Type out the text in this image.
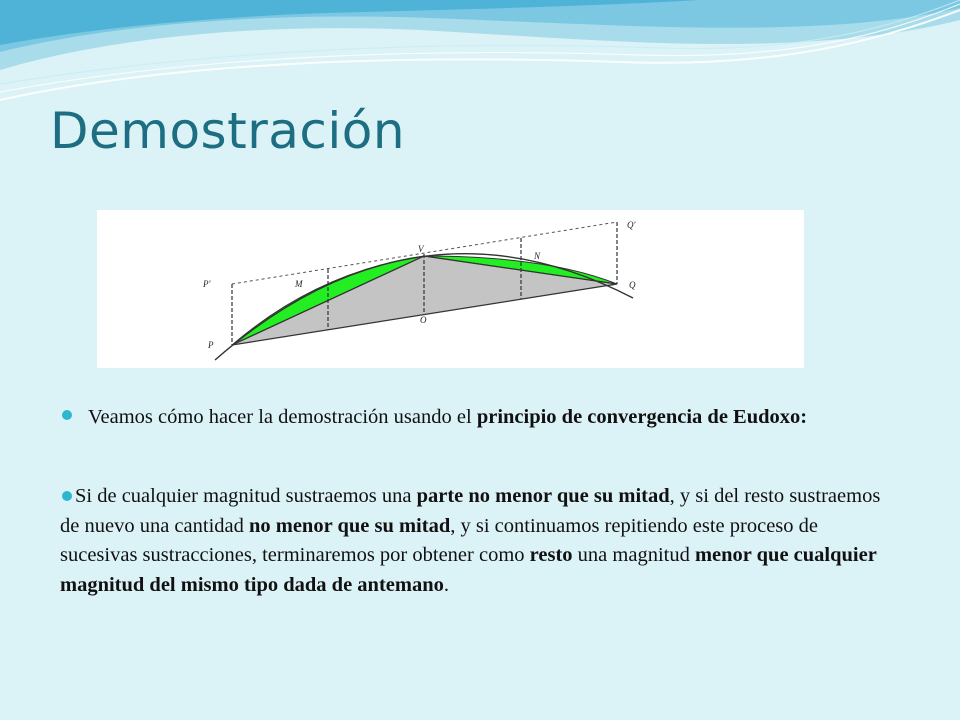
Demostración
P'	M
V
N
Q'
P
O
Q

Veamos cómo hacer la demostración usando el principio de convergencia de Eudoxo:

Si de cualquier magnitud sustraemos una parte no menor que su mitad, y si del resto sustraemos de nuevo una cantidad no menor que su mitad, y si continuamos repitiendo este proceso de sucesivas sustracciones, terminaremos por obtener como resto una magnitud menor que cualquier magnitud del mismo tipo dada de antemano.
